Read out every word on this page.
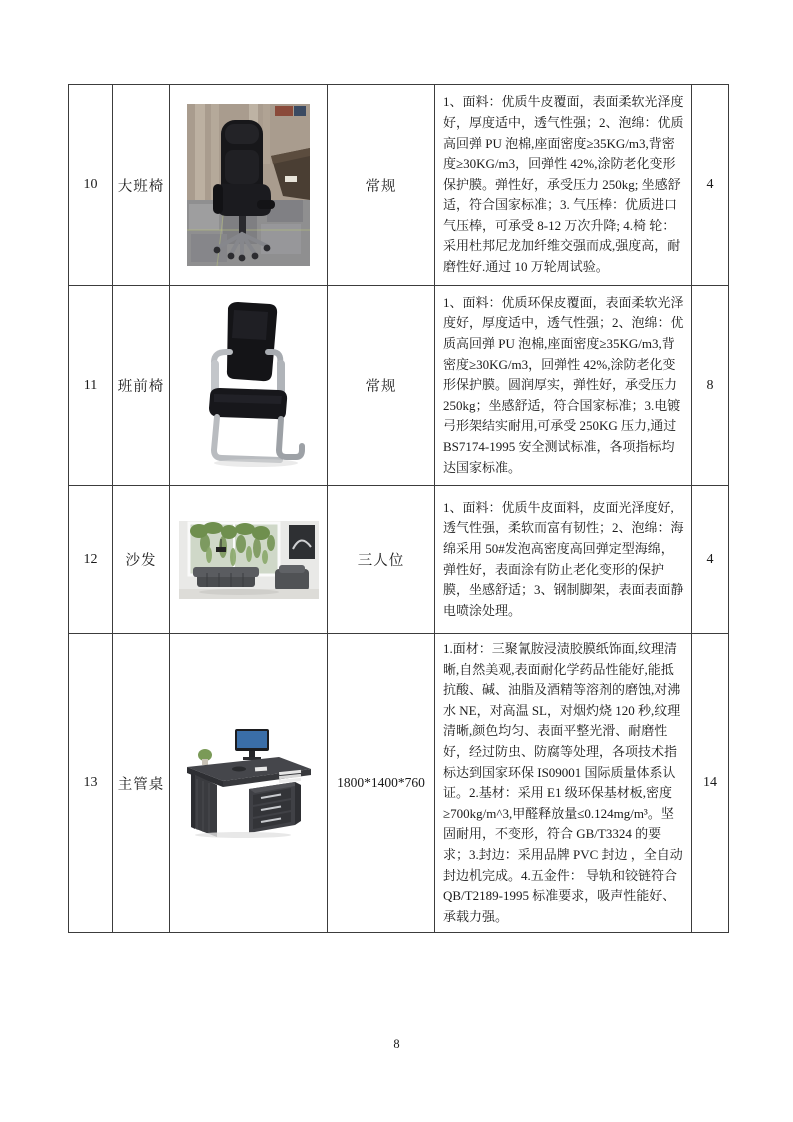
10	大班椅		常规	1、面料：优质牛皮覆面，表面柔软光泽度好，厚度适中，透气性强；2、泡绵：优质高回弹 PU 泡棉,座面密度≥35KG/m3,背密度≥30KG/m3，回弹性 42%,涂防老化变形保护膜。弹性好，承受压力 250kg; 坐感舒适，符合国家标准；3. 气压棒：优质进口气压棒，可承受 8-12 万次升降; 4.椅 轮：采用杜邦尼龙加纤维交强而成,强度高，耐磨性好.通过 10 万轮周试验。	4
11	班前椅		常规	1、面料：优质环保皮覆面，表面柔软光泽度好，厚度适中，透气性强；2、泡绵：优质高回弹 PU 泡棉,座面密度≥35KG/m3,背密度≥30KG/m3，回弹性 42%,涂防老化变形保护膜。圆润厚实，弹性好，承受压力 250kg；坐感舒适，符合国家标准；3.电镀弓形架结实耐用,可承受 250KG 压力,通过 BS7174-1995 安全测试标准，各项指标均达国家标准。	8
12	沙发		三人位	1、面料：优质牛皮面料，皮面光泽度好,透气性强，柔软而富有韧性；2、泡绵：海绵采用 50#发泡高密度高回弹定型海绵，弹性好，表面涂有防止老化变形的保护膜，坐感舒适；3、钢制脚架，表面表面静电喷涂处理。	4
13	主管桌		1800*1400*760	1.面材：三聚氰胺浸渍胶膜纸饰面,纹理清晰,自然美观,表面耐化学药品性能好,能抵抗酸、碱、油脂及酒精等溶剂的磨蚀,对沸水 NE，对高温 SL，对烟灼烧 120 秒,纹理清晰,颜色均匀、表面平整光滑、耐磨性好，经过防虫、防腐等处理，各项技术指标达到国家环保 IS09001 国际质量体系认证。2.基材：采用 E1 级环保基材板,密度≥700kg/m^3,甲醛释放量≤0.124mg/m³。坚固耐用，不变形，符合 GB/T3324 的要求；3.封边：采用品牌 PVC 封边 ，全自动封边机完成。4.五金件： 导轨和铰链符合 QB/T2189-1995 标准要求，吸声性能好、承载力强。	14
8
